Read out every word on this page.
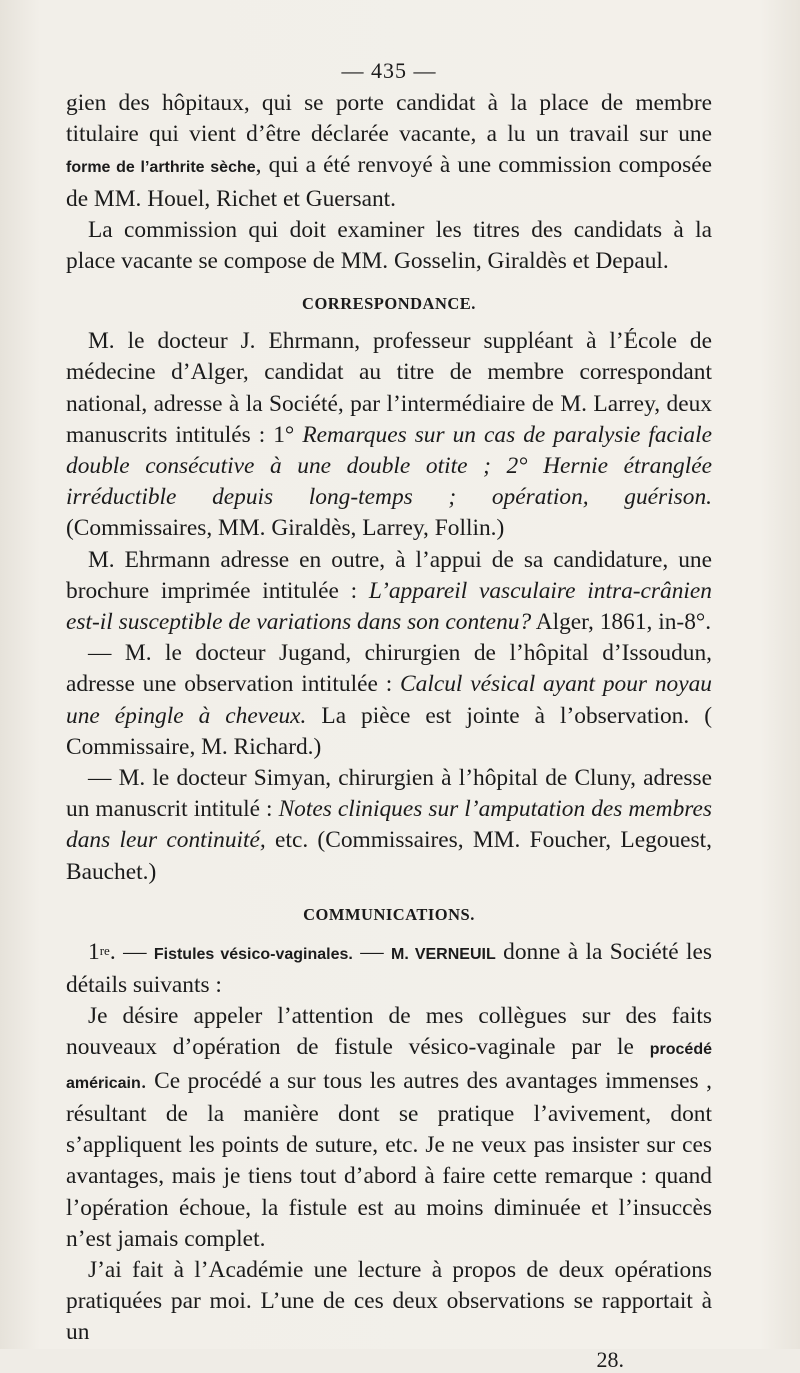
— 435 —

gien des hôpitaux, qui se porte candidat à la place de membre titulaire qui vient d’être déclarée vacante, a lu un travail sur une forme de l’arthrite sèche, qui a été renvoyé à une commission composée de MM. Houel, Richet et Guersant.

La commission qui doit examiner les titres des candidats à la place vacante se compose de MM. Gosselin, Giraldès et Depaul.

CORRESPONDANCE.

M. le docteur J. Ehrmann, professeur suppléant à l’École de médecine d’Alger, candidat au titre de membre correspondant national, adresse à la Société, par l’intermédiaire de M. Larrey, deux manuscrits intitulés : 1° Remarques sur un cas de paralysie faciale double consécutive à une double otite ; 2° Hernie étranglée irréductible depuis long-temps ; opération, guérison. (Commissaires, MM. Giraldès, Larrey, Follin.)

M. Ehrmann adresse en outre, à l’appui de sa candidature, une brochure imprimée intitulée : L’appareil vasculaire intra-crânien est-il susceptible de variations dans son contenu? Alger, 1861, in-8°.

— M. le docteur Jugand, chirurgien de l’hôpital d’Issoudun, adresse une observation intitulée : Calcul vésical ayant pour noyau une épingle à cheveux. La pièce est jointe à l’observation. ( Commissaire, M. Richard.)

— M. le docteur Simyan, chirurgien à l’hôpital de Cluny, adresse un manuscrit intitulé : Notes cliniques sur l’amputation des membres dans leur continuité, etc. (Commissaires, MM. Foucher, Legouest, Bauchet.)

COMMUNICATIONS.

1re. — Fistules vésico-vaginales. — M. VERNEUIL donne à la Société les détails suivants :

Je désire appeler l’attention de mes collègues sur des faits nouveaux d’opération de fistule vésico-vaginale par le procédé américain. Ce procédé a sur tous les autres des avantages immenses , résultant de la manière dont se pratique l’avivement, dont s’appliquent les points de suture, etc. Je ne veux pas insister sur ces avantages, mais je tiens tout d’abord à faire cette remarque : quand l’opération échoue, la fistule est au moins diminuée et l’insuccès n’est jamais complet.

J’ai fait à l’Académie une lecture à propos de deux opérations pratiquées par moi. L’une de ces deux observations se rapportait à un

28.
